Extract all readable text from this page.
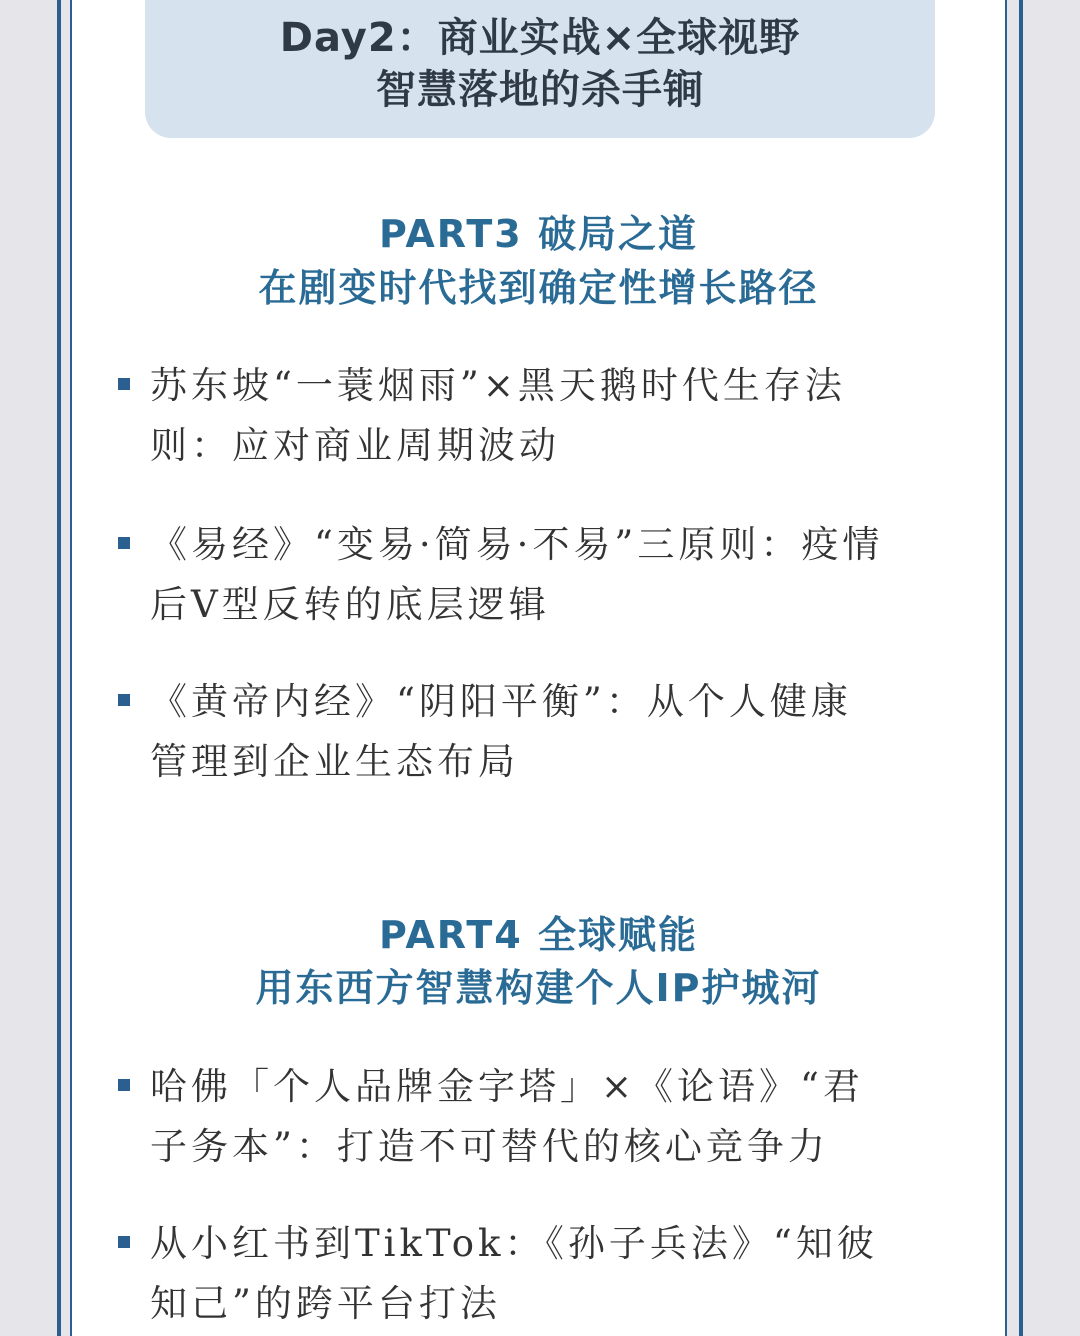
Day2：商业实战×全球视野
智慧落地的杀手锏
PART3 破局之道
在剧变时代找到确定性增长路径
苏东坡“一蓑烟雨”×黑天鹅时代生存法
则：应对商业周期波动
《易经》“变易·简易·不易”三原则：疫情
后V型反转的底层逻辑
《黄帝内经》“阴阳平衡”：从个人健康
管理到企业生态布局
PART4 全球赋能
用东西方智慧构建个人IP护城河
哈佛「个人品牌金字塔」×《论语》“君
子务本”：打造不可替代的核心竞争力
从小红书到TikTok：《孙子兵法》“知彼
知己”的跨平台打法
